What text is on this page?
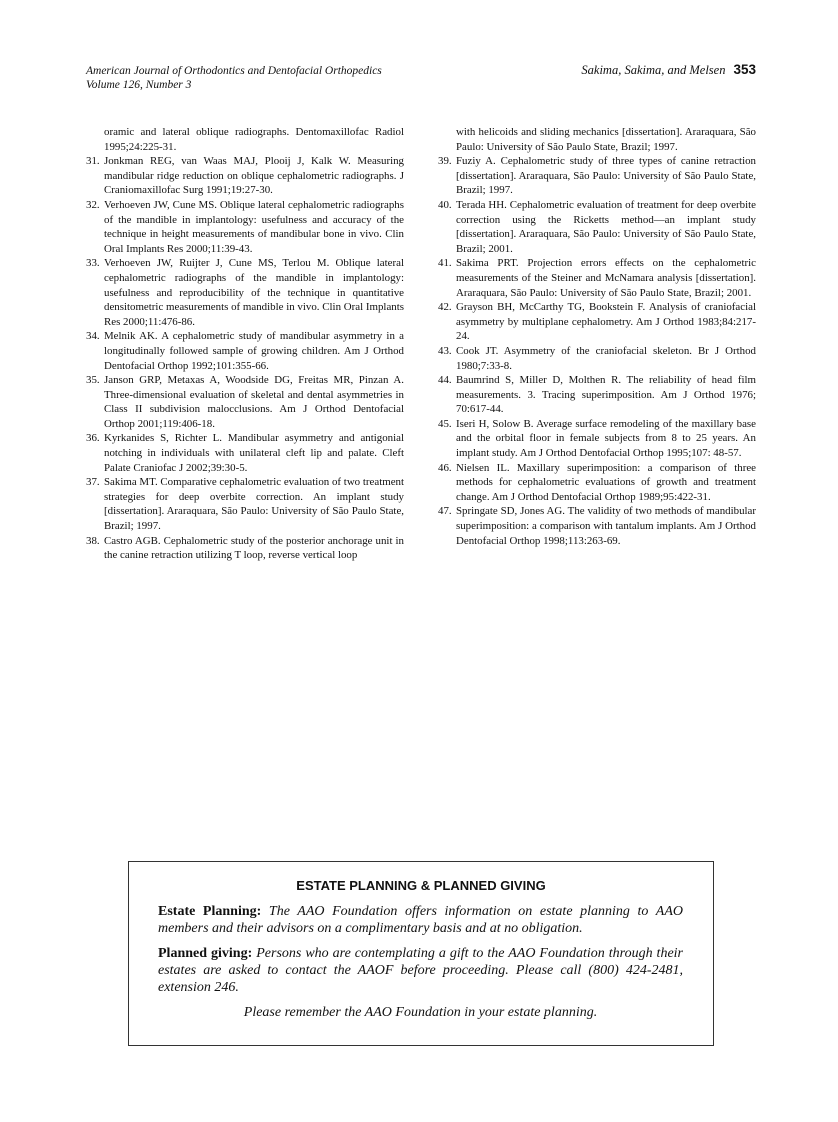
American Journal of Orthodontics and Dentofacial Orthopedics
Volume 126, Number 3
Sakima, Sakima, and Melsen 353
oramic and lateral oblique radiographs. Dentomaxillofac Radiol 1995;24:225-31.
31. Jonkman REG, van Waas MAJ, Plooij J, Kalk W. Measuring mandibular ridge reduction on oblique cephalometric radiographs. J Craniomaxillofac Surg 1991;19:27-30.
32. Verhoeven JW, Cune MS. Oblique lateral cephalometric radiographs of the mandible in implantology: usefulness and accuracy of the technique in height measurements of mandibular bone in vivo. Clin Oral Implants Res 2000;11:39-43.
33. Verhoeven JW, Ruijter J, Cune MS, Terlou M. Oblique lateral cephalometric radiographs of the mandible in implantology: usefulness and reproducibility of the technique in quantitative densitometric measurements of mandible in vivo. Clin Oral Implants Res 2000;11:476-86.
34. Melnik AK. A cephalometric study of mandibular asymmetry in a longitudinally followed sample of growing children. Am J Orthod Dentofacial Orthop 1992;101:355-66.
35. Janson GRP, Metaxas A, Woodside DG, Freitas MR, Pinzan A. Three-dimensional evaluation of skeletal and dental asymmetries in Class II subdivision malocclusions. Am J Orthod Dentofacial Orthop 2001;119:406-18.
36. Kyrkanides S, Richter L. Mandibular asymmetry and antigonial notching in individuals with unilateral cleft lip and palate. Cleft Palate Craniofac J 2002;39:30-5.
37. Sakima MT. Comparative cephalometric evaluation of two treatment strategies for deep overbite correction. An implant study [dissertation]. Araraquara, São Paulo: University of São Paulo State, Brazil; 1997.
38. Castro AGB. Cephalometric study of the posterior anchorage unit in the canine retraction utilizing T loop, reverse vertical loop
with helicoids and sliding mechanics [dissertation]. Araraquara, São Paulo: University of São Paulo State, Brazil; 1997.
39. Fuziy A. Cephalometric study of three types of canine retraction [dissertation]. Araraquara, São Paulo: University of São Paulo State, Brazil; 1997.
40. Terada HH. Cephalometric evaluation of treatment for deep overbite correction using the Ricketts method—an implant study [dissertation]. Araraquara, São Paulo: University of São Paulo State, Brazil; 2001.
41. Sakima PRT. Projection errors effects on the cephalometric measurements of the Steiner and McNamara analysis [dissertation]. Araraquara, São Paulo: University of São Paulo State, Brazil; 2001.
42. Grayson BH, McCarthy TG, Bookstein F. Analysis of craniofacial asymmetry by multiplane cephalometry. Am J Orthod 1983;84:217-24.
43. Cook JT. Asymmetry of the craniofacial skeleton. Br J Orthod 1980;7:33-8.
44. Baumrind S, Miller D, Molthen R. The reliability of head film measurements. 3. Tracing superimposition. Am J Orthod 1976; 70:617-44.
45. Iseri H, Solow B. Average surface remodeling of the maxillary base and the orbital floor in female subjects from 8 to 25 years. An implant study. Am J Orthod Dentofacial Orthop 1995;107: 48-57.
46. Nielsen IL. Maxillary superimposition: a comparison of three methods for cephalometric evaluations of growth and treatment change. Am J Orthod Dentofacial Orthop 1989;95:422-31.
47. Springate SD, Jones AG. The validity of two methods of mandibular superimposition: a comparison with tantalum implants. Am J Orthod Dentofacial Orthop 1998;113:263-69.
ESTATE PLANNING & PLANNED GIVING

Estate Planning: The AAO Foundation offers information on estate planning to AAO members and their advisors on a complimentary basis and at no obligation.

Planned giving: Persons who are contemplating a gift to the AAO Foundation through their estates are asked to contact the AAOF before proceeding. Please call (800) 424-2481, extension 246.

Please remember the AAO Foundation in your estate planning.
